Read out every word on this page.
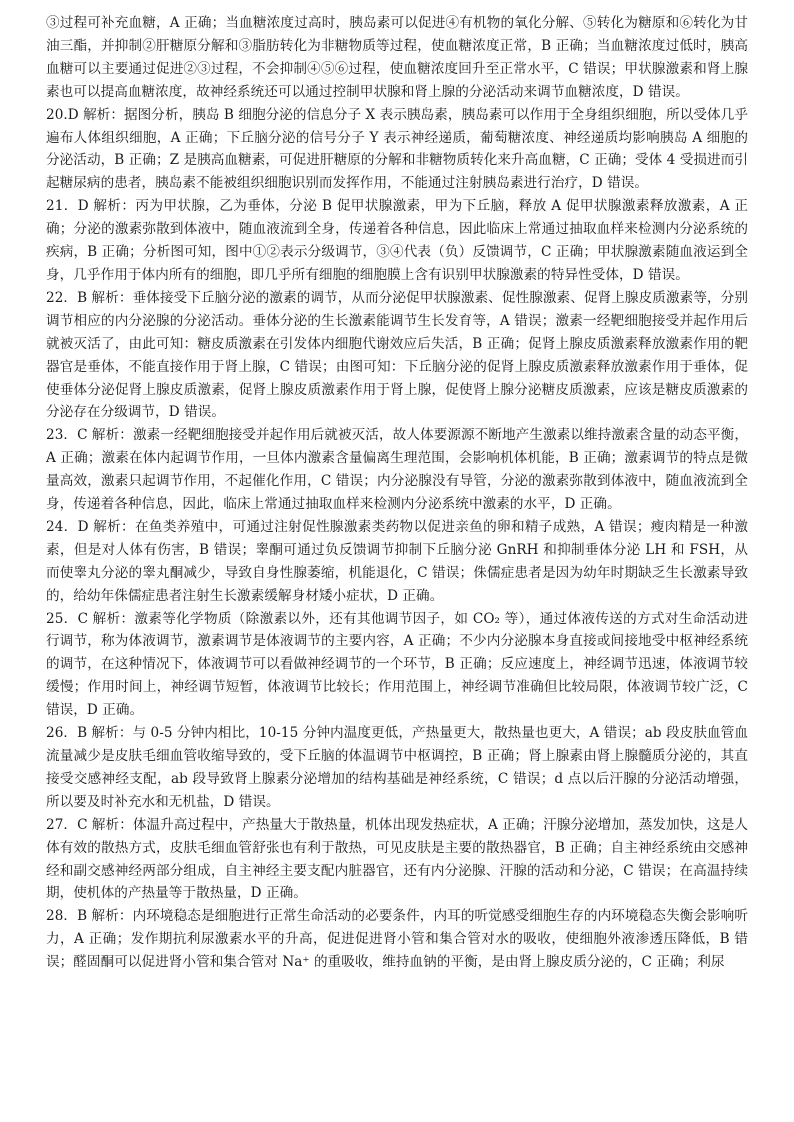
③过程可补充血糖，A 正确；当血糖浓度过高时，胰岛素可以促进④有机物的氧化分解、⑤转化为糖原和⑥转化为甘油三酯，并抑制②肝糖原分解和③脂肪转化为非糖物质等过程，使血糖浓度正常，B 正确；当血糖浓度过低时，胰高血糖可以主要通过促进②③过程，不会抑制④⑤⑥过程，使血糖浓度回升至正常水平，C 错误；甲状腺激素和肾上腺素也可以提高血糖浓度，故神经系统还可以通过控制甲状腺和肾上腺的分泌活动来调节血糖浓度，D 错误。

20.D 解析：据图分析，胰岛 B 细胞分泌的信息分子 X 表示胰岛素，胰岛素可以作用于全身组织细胞，所以受体几乎遍布人体组织细胞，A 正确；下丘脑分泌的信号分子 Y 表示神经递质，葡萄糖浓度、神经递质均影响胰岛 A 细胞的分泌活动，B 正确；Z 是胰高血糖素，可促进肝糖原的分解和非糖物质转化来升高血糖，C 正确；受体 4 受损进而引起糖尿病的患者，胰岛素不能被组织细胞识别而发挥作用，不能通过注射胰岛素进行治疗，D 错误。

21．D 解析：丙为甲状腺，乙为垂体，分泌 B 促甲状腺激素，甲为下丘脑，释放 A 促甲状腺激素释放激素，A 正确；分泌的激素弥散到体液中，随血液流到全身，传递着各种信息，因此临床上常通过抽取血样来检测内分泌系统的疾病，B 正确；分析图可知，图中①②表示分级调节，③④代表（负）反馈调节，C 正确；甲状腺激素随血液运到全身，几乎作用于体内所有的细胞，即几乎所有细胞的细胞膜上含有识别甲状腺激素的特异性受体，D 错误。

22．B 解析：垂体接受下丘脑分泌的激素的调节，从而分泌促甲状腺激素、促性腺激素、促肾上腺皮质激素等，分别调节相应的内分泌腺的分泌活动。垂体分泌的生长激素能调节生长发育等，A 错误；激素一经靶细胞接受并起作用后就被灭活了，由此可知：糖皮质激素在引发体内细胞代谢效应后失活，B 正确；促肾上腺皮质激素释放激素作用的靶器官是垂体，不能直接作用于肾上腺，C 错误；由图可知：下丘脑分泌的促肾上腺皮质激素释放激素作用于垂体，促使垂体分泌促肾上腺皮质激素，促肾上腺皮质激素作用于肾上腺，促使肾上腺分泌糖皮质激素，应该是糖皮质激素的分泌存在分级调节，D 错误。

23．C 解析：激素一经靶细胞接受并起作用后就被灭活，故人体要源源不断地产生激素以维持激素含量的动态平衡，A 正确；激素在体内起调节作用，一旦体内激素含量偏离生理范围，会影响机体机能，B 正确；激素调节的特点是微量高效，激素只起调节作用，不起催化作用，C 错误；内分泌腺没有导管，分泌的激素弥散到体液中，随血液流到全身，传递着各种信息，因此，临床上常通过抽取血样来检测内分泌系统中激素的水平，D 正确。

24．D 解析：在鱼类养殖中，可通过注射促性腺激素类药物以促进亲鱼的卵和精子成熟，A 错误；瘦肉精是一种激素，但是对人体有伤害，B 错误；睾酮可通过负反馈调节抑制下丘脑分泌 GnRH 和抑制垂体分泌 LH 和 FSH，从而使睾丸分泌的睾丸酮减少，导致自身性腺萎缩，机能退化，C 错误；侏儒症患者是因为幼年时期缺乏生长激素导致的，给幼年侏儒症患者注射生长激素缓解身材矮小症状，D 正确。

25．C 解析：激素等化学物质（除激素以外，还有其他调节因子，如 CO₂ 等），通过体液传送的方式对生命活动进行调节，称为体液调节，激素调节是体液调节的主要内容，A 正确；不少内分泌腺本身直接或间接地受中枢神经系统的调节，在这种情况下，体液调节可以看做神经调节的一个环节，B 正确；反应速度上，神经调节迅速，体液调节较缓慢；作用时间上，神经调节短暂，体液调节比较长；作用范围上，神经调节准确但比较局限，体液调节较广泛，C 错误，D 正确。

26．B 解析：与 0-5 分钟内相比，10-15 分钟内温度更低，产热量更大，散热量也更大，A 错误；ab 段皮肤血管血流量减少是皮肤毛细血管收缩导致的，受下丘脑的体温调节中枢调控，B 正确；肾上腺素由肾上腺髓质分泌的，其直接受交感神经支配，ab 段导致肾上腺素分泌增加的结构基础是神经系统，C 错误；d 点以后汗腺的分泌活动增强，所以要及时补充水和无机盐，D 错误。

27．C 解析：体温升高过程中，产热量大于散热量，机体出现发热症状，A 正确；汗腺分泌增加，蒸发加快，这是人体有效的散热方式，皮肤毛细血管舒张也有利于散热，可见皮肤是主要的散热器官，B 正确；自主神经系统由交感神经和副交感神经两部分组成，自主神经主要支配内脏器官，还有内分泌腺、汗腺的活动和分泌，C 错误；在高温持续期，使机体的产热量等于散热量，D 正确。

28．B 解析：内环境稳态是细胞进行正常生命活动的必要条件，内耳的听觉感受细胞生存的内环境稳态失衡会影响听力，A 正确；发作期抗利尿激素水平的升高，促进促进肾小管和集合管对水的吸收，使细胞外液渗透压降低，B 错误；醛固酮可以促进肾小管和集合管对 Na⁺ 的重吸收，维持血钠的平衡，是由肾上腺皮质分泌的，C 正确；利尿
